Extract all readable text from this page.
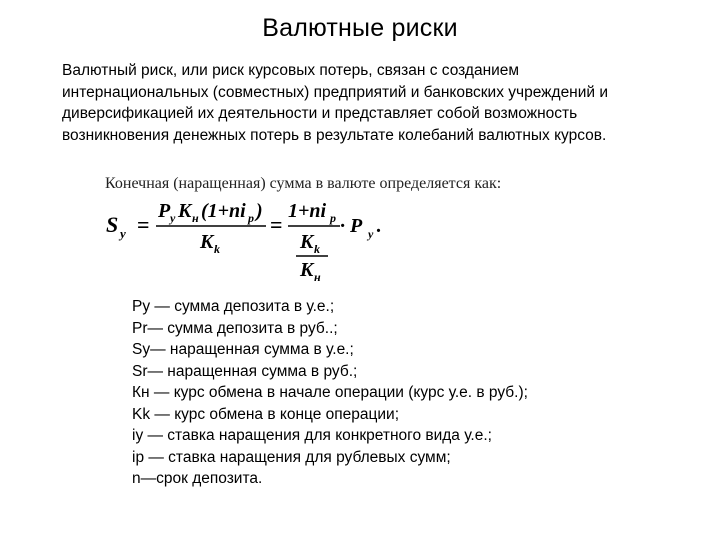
Валютные риски
Валютный риск, или риск курсовых потерь, связан с созданием интернациональных (совместных) предприятий и банковских учреждений и диверсификацией их деятельности и представляет собой возможность возникновения денежных потерь в результате колебаний валютных курсов.
Конечная (наращенная) сумма в валюте определяется как:
S у =
P у K н (1+ni p )
K k
=
1+ni p
K k
K н
· P у .
Ру — сумма депозита в у.е.;
Рr— сумма депозита в руб..;
Sу— наращенная сумма в у.е.;
Sr— наращенная сумма в руб.;
Кн — курс обмена в начале операции (курс у.е. в руб.);
Kk — курс обмена в конце операции;
iу — ставка наращения для конкретного вида у.е.;
ip — ставка наращения для рублевых сумм;
n—срок депозита.
